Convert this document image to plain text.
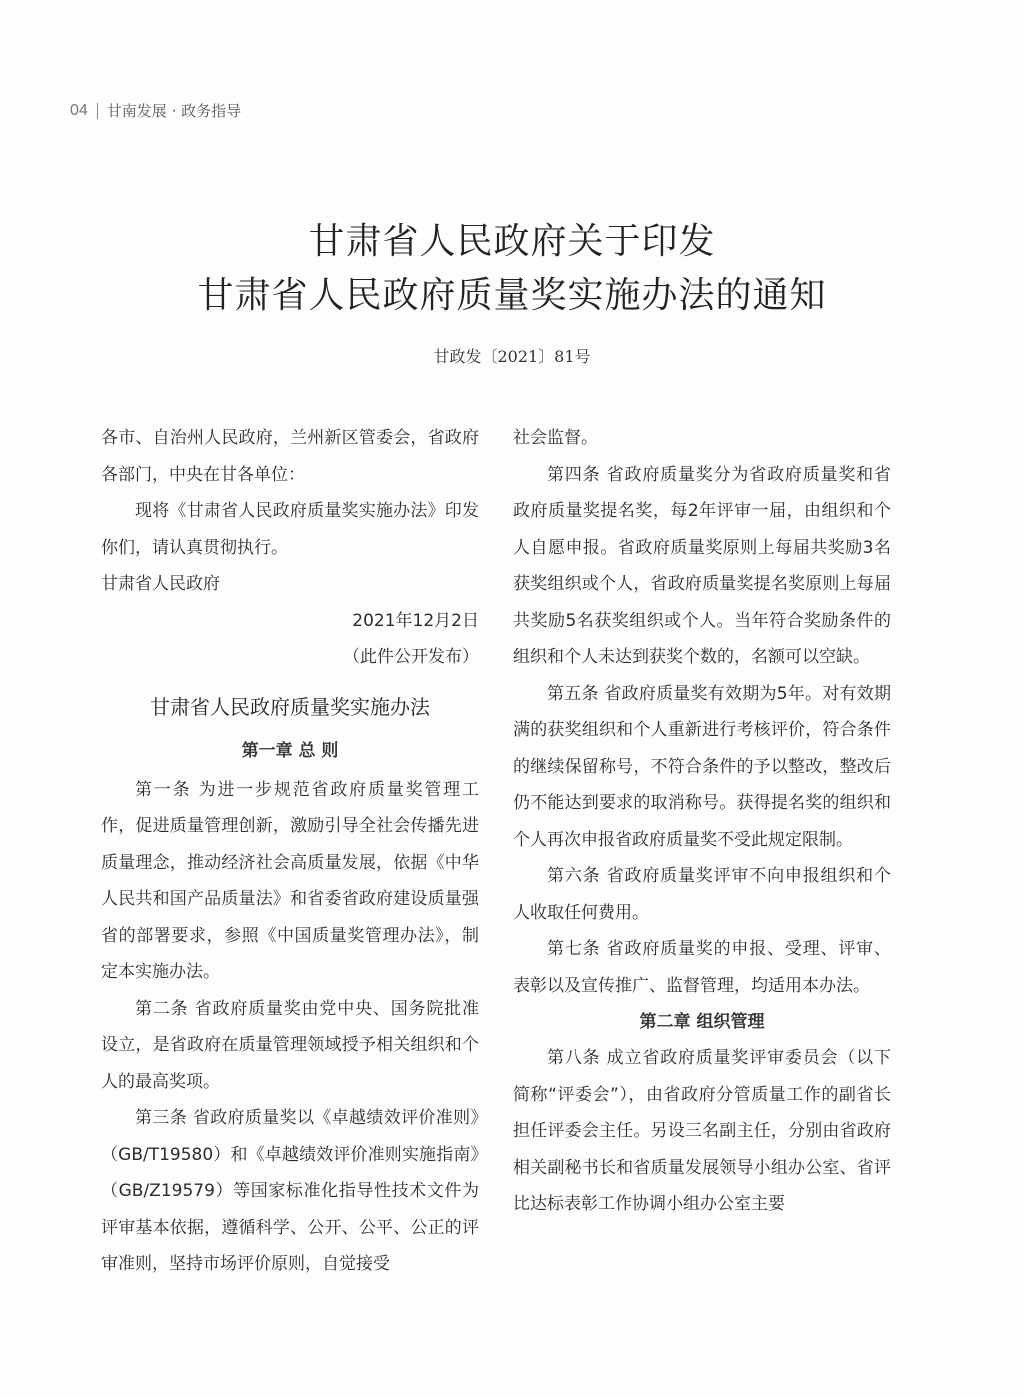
04 甘南发展 · 政务指导
甘肃省人民政府关于印发
甘肃省人民政府质量奖实施办法的通知
甘政发〔2021〕81号

各市、自治州人民政府，兰州新区管委会，省政府各部门，中央在甘各单位：

现将《甘肃省人民政府质量奖实施办法》印发你们，请认真贯彻执行。

甘肃省人民政府

2021年12月2日

（此件公开发布）

甘肃省人民政府质量奖实施办法

第一章 总 则

第一条 为进一步规范省政府质量奖管理工作，促进质量管理创新，激励引导全社会传播先进质量理念，推动经济社会高质量发展，依据《中华人民共和国产品质量法》和省委省政府建设质量强省的部署要求，参照《中国质量奖管理办法》，制定本实施办法。

第二条 省政府质量奖由党中央、国务院批准设立，是省政府在质量管理领域授予相关组织和个人的最高奖项。

第三条 省政府质量奖以《卓越绩效评价准则》（GB/T19580）和《卓越绩效评价准则实施指南》（GB/Z19579）等国家标准化指导性技术文件为评审基本依据，遵循科学、公开、公平、公正的评审准则，坚持市场评价原则，自觉接受

社会监督。

第四条 省政府质量奖分为省政府质量奖和省政府质量奖提名奖，每2年评审一届，由组织和个人自愿申报。省政府质量奖原则上每届共奖励3名获奖组织或个人，省政府质量奖提名奖原则上每届共奖励5名获奖组织或个人。当年符合奖励条件的组织和个人未达到获奖个数的，名额可以空缺。

第五条 省政府质量奖有效期为5年。对有效期满的获奖组织和个人重新进行考核评价，符合条件的继续保留称号，不符合条件的予以整改，整改后仍不能达到要求的取消称号。获得提名奖的组织和个人再次申报省政府质量奖不受此规定限制。

第六条 省政府质量奖评审不向申报组织和个人收取任何费用。

第七条 省政府质量奖的申报、受理、评审、表彰以及宣传推广、监督管理，均适用本办法。

第二章 组织管理

第八条 成立省政府质量奖评审委员会（以下简称“评委会”），由省政府分管质量工作的副省长担任评委会主任。另设三名副主任，分别由省政府相关副秘书长和省质量发展领导小组办公室、省评比达标表彰工作协调小组办公室主要
